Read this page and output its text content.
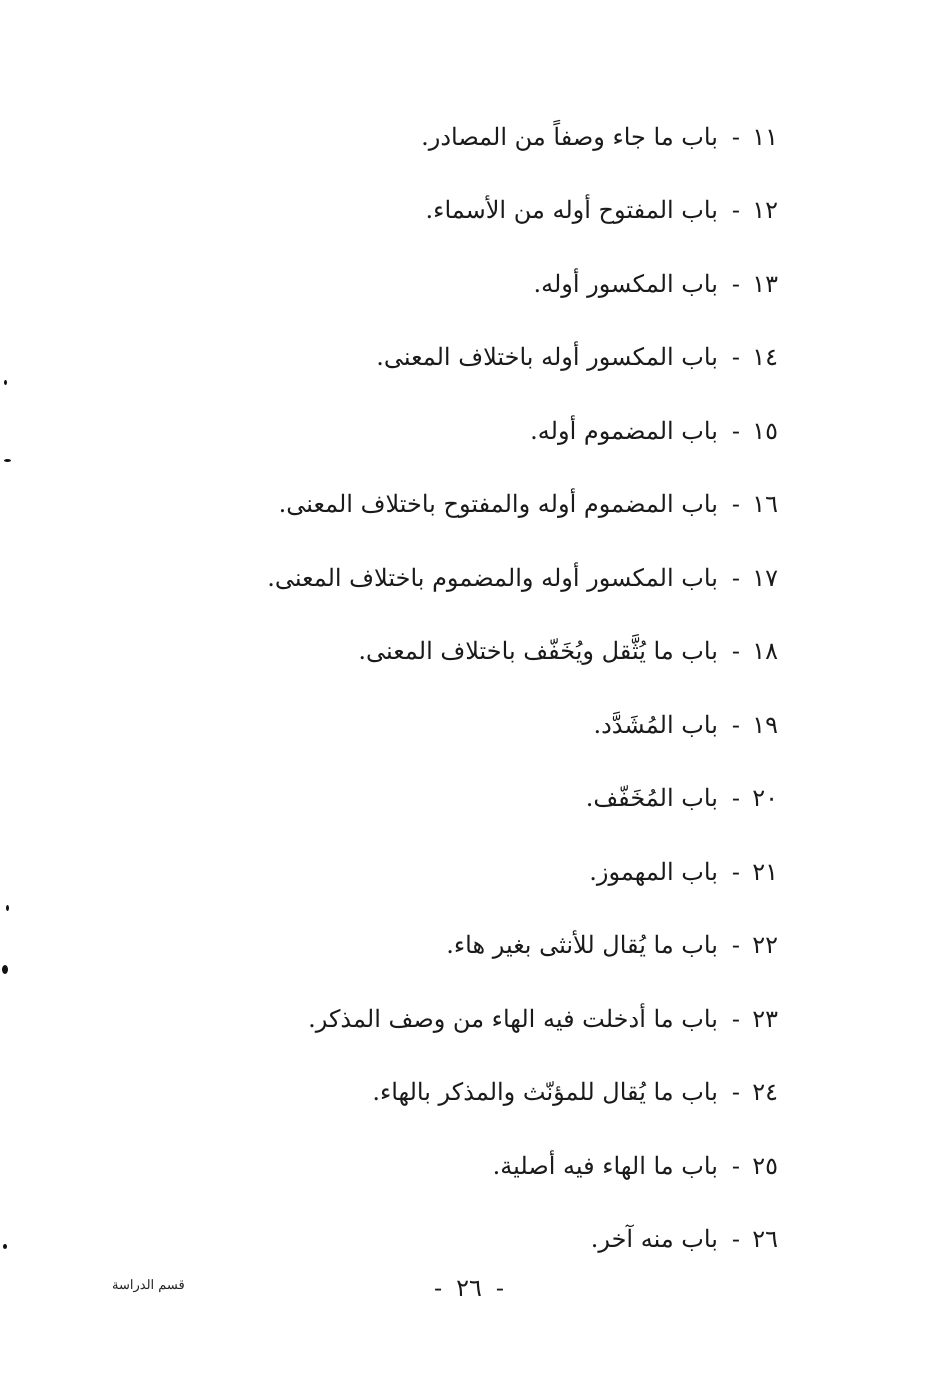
١١
-
باب ما جاء وصفاً من المصادر.
١٢
-
باب المفتوح أوله من الأسماء.
١٣
-
باب المكسور أوله.
١٤
-
باب المكسور أوله باختلاف المعنى.
١٥
-
باب المضموم أوله.
١٦
-
باب المضموم أوله والمفتوح باختلاف المعنى.
١٧
-
باب المكسور أوله والمضموم باختلاف المعنى.
١٨
-
باب ما يُثَّقل ويُخَفّف باختلاف المعنى.
١٩
-
باب المُشَدَّد.
٢٠
-
باب المُخَفّف.
٢١
-
باب المهموز.
٢٢
-
باب ما يُقال للأنثى بغير هاء.
٢٣
-
باب ما أدخلت فيه الهاء من وصف المذكر.
٢٤
-
باب ما يُقال للمؤنّث والمذكر بالهاء.
٢٥
-
باب ما الهاء فيه أصلية.
٢٦
-
باب منه آخر.
-٢٦-
قسم الدراسة
